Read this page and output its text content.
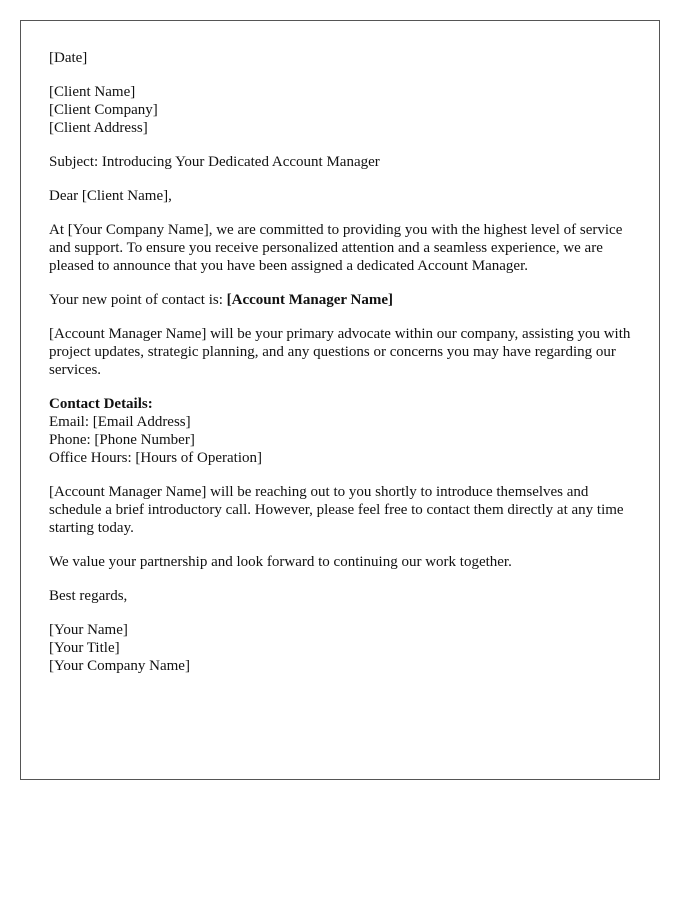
[Date]

[Client Name]
[Client Company]
[Client Address]

Subject: Introducing Your Dedicated Account Manager

Dear [Client Name],

At [Your Company Name], we are committed to providing you with the highest level of service and support. To ensure you receive personalized attention and a seamless experience, we are pleased to announce that you have been assigned a dedicated Account Manager.

Your new point of contact is: [Account Manager Name]

[Account Manager Name] will be your primary advocate within our company, assisting you with project updates, strategic planning, and any questions or concerns you may have regarding our services.

Contact Details:
Email: [Email Address]
Phone: [Phone Number]
Office Hours: [Hours of Operation]

[Account Manager Name] will be reaching out to you shortly to introduce themselves and schedule a brief introductory call. However, please feel free to contact them directly at any time starting today.

We value your partnership and look forward to continuing our work together.

Best regards,

[Your Name]
[Your Title]
[Your Company Name]
